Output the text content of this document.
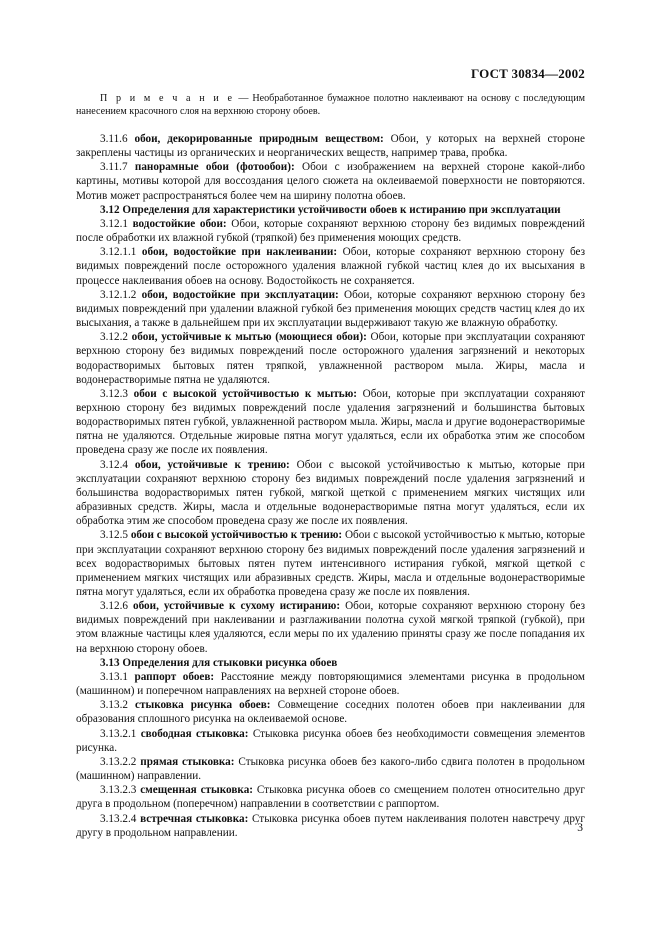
ГОСТ 30834—2002

П р и м е ч а н и е — Необработанное бумажное полотно наклеивают на основу с последующим нанесением красочного слоя на верхнюю сторону обоев.

3.11.6 обои, декорированные природным веществом: Обои, у которых на верхней стороне закреплены частицы из органических и неорганических веществ, например трава, пробка.

3.11.7 панорамные обои (фотообои): Обои с изображением на верхней стороне какой-либо картины, мотивы которой для воссоздания целого сюжета на оклеиваемой поверхности не повторяются. Мотив может распространяться более чем на ширину полотна обоев.

3.12 Определения для характеристики устойчивости обоев к истиранию при эксплуатации

3.12.1 водостойкие обои: Обои, которые сохраняют верхнюю сторону без видимых повреждений после обработки их влажной губкой (тряпкой) без применения моющих средств.

3.12.1.1 обои, водостойкие при наклеивании: Обои, которые сохраняют верхнюю сторону без видимых повреждений после осторожного удаления влажной губкой частиц клея до их высыхания в процессе наклеивания обоев на основу. Водостойкость не сохраняется.

3.12.1.2 обои, водостойкие при эксплуатации: Обои, которые сохраняют верхнюю сторону без видимых повреждений при удалении влажной губкой без применения моющих средств частиц клея до их высыхания, а также в дальнейшем при их эксплуатации выдерживают такую же влажную обработку.

3.12.2 обои, устойчивые к мытью (моющиеся обои): Обои, которые при эксплуатации сохраняют верхнюю сторону без видимых повреждений после осторожного удаления загрязнений и некоторых водорастворимых бытовых пятен тряпкой, увлажненной раствором мыла. Жиры, масла и водонерастворимые пятна не удаляются.

3.12.3 обои с высокой устойчивостью к мытью: Обои, которые при эксплуатации сохраняют верхнюю сторону без видимых повреждений после удаления загрязнений и большинства бытовых водорастворимых пятен губкой, увлажненной раствором мыла. Жиры, масла и другие водонерастворимые пятна не удаляются. Отдельные жировые пятна могут удаляться, если их обработка этим же способом проведена сразу же после их появления.

3.12.4 обои, устойчивые к трению: Обои с высокой устойчивостью к мытью, которые при эксплуатации сохраняют верхнюю сторону без видимых повреждений после удаления загрязнений и большинства водорастворимых пятен губкой, мягкой щеткой с применением мягких чистящих или абразивных средств. Жиры, масла и отдельные водонерастворимые пятна могут удаляться, если их обработка этим же способом проведена сразу же после их появления.

3.12.5 обои с высокой устойчивостью к трению: Обои с высокой устойчивостью к мытью, которые при эксплуатации сохраняют верхнюю сторону без видимых повреждений после удаления загрязнений и всех водорастворимых бытовых пятен путем интенсивного истирания губкой, мягкой щеткой с применением мягких чистящих или абразивных средств. Жиры, масла и отдельные водонерастворимые пятна могут удаляться, если их обработка проведена сразу же после их появления.

3.12.6 обои, устойчивые к сухому истиранию: Обои, которые сохраняют верхнюю сторону без видимых повреждений при наклеивании и разглаживании полотна сухой мягкой тряпкой (губкой), при этом влажные частицы клея удаляются, если меры по их удалению приняты сразу же после попадания их на верхнюю сторону обоев.

3.13 Определения для стыковки рисунка обоев

3.13.1 раппорт обоев: Расстояние между повторяющимися элементами рисунка в продольном (машинном) и поперечном направлениях на верхней стороне обоев.

3.13.2 стыковка рисунка обоев: Совмещение соседних полотен обоев при наклеивании для образования сплошного рисунка на оклеиваемой основе.

3.13.2.1 свободная стыковка: Стыковка рисунка обоев без необходимости совмещения элементов рисунка.

3.13.2.2 прямая стыковка: Стыковка рисунка обоев без какого-либо сдвига полотен в продольном (машинном) направлении.

3.13.2.3 смещенная стыковка: Стыковка рисунка обоев со смещением полотен относительно друг друга в продольном (поперечном) направлении в соответствии с раппортом.

3.13.2.4 встречная стыковка: Стыковка рисунка обоев путем наклеивания полотен навстречу друг другу в продольном направлении.	3
